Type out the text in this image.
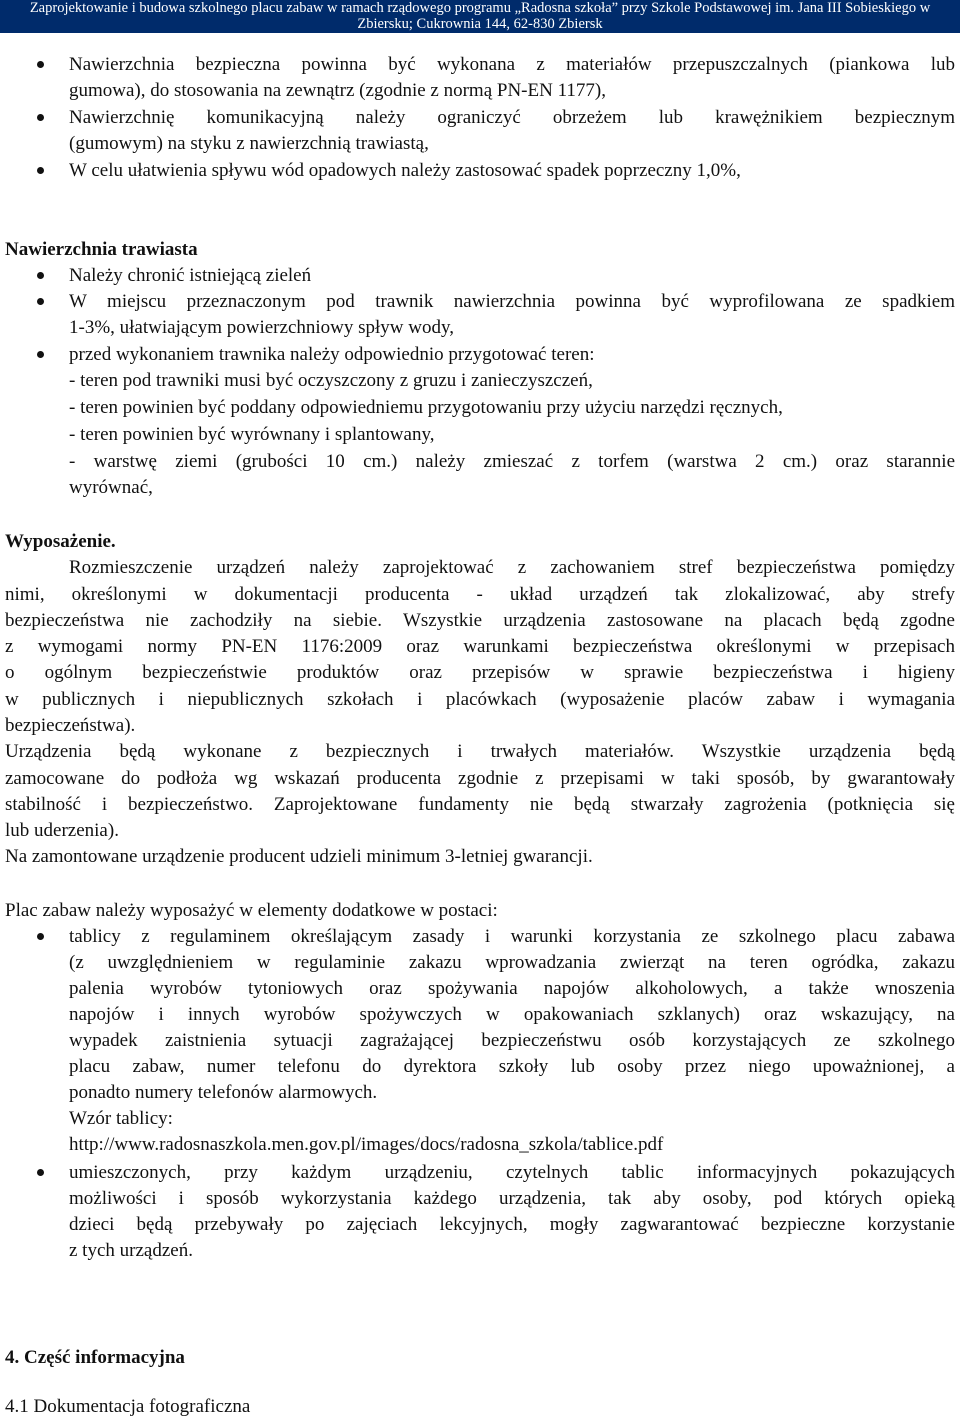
Zaprojektowanie i budowa szkolnego placu zabaw w ramach rządowego programu „Radosna szkoła” przy Szkole Podstawowej im. Jana III Sobieskiego w
Zbiersku; Cukrownia 144, 62-830 Zbiersk
Nawierzchnia bezpieczna powinna być wykonana z materiałów przepuszczalnych (piankowa lub
gumowa), do stosowania na zewnątrz (zgodnie z normą PN-EN 1177),
Nawierzchnię komunikacyjną należy ograniczyć obrzeżem lub krawężnikiem bezpiecznym
(gumowym) na styku z nawierzchnią trawiastą,
W celu ułatwienia spływu wód opadowych należy zastosować spadek poprzeczny 1,0%,
Nawierzchnia trawiasta
Należy chronić istniejącą zieleń
W miejscu przeznaczonym pod trawnik nawierzchnia powinna być wyprofilowana ze spadkiem
1-3%, ułatwiającym powierzchniowy spływ wody,
przed wykonaniem trawnika należy odpowiednio przygotować teren:
- teren pod trawniki musi być oczyszczony z gruzu i zanieczyszczeń,
- teren powinien być poddany odpowiedniemu przygotowaniu przy użyciu narzędzi ręcznych,
- teren powinien być wyrównany i splantowany,
- warstwę ziemi (grubości 10 cm.) należy zmieszać z torfem (warstwa 2 cm.) oraz starannie
wyrównać,
Wyposażenie.
Rozmieszczenie urządzeń należy zaprojektować z zachowaniem stref bezpieczeństwa pomiędzy
nimi, określonymi w dokumentacji producenta - układ urządzeń tak zlokalizować, aby strefy
bezpieczeństwa nie zachodziły na siebie. Wszystkie urządzenia zastosowane na placach będą zgodne
z wymogami normy PN-EN 1176:2009 oraz warunkami bezpieczeństwa określonymi w przepisach
o ogólnym bezpieczeństwie produktów oraz przepisów w sprawie bezpieczeństwa i higieny
w publicznych i niepublicznych szkołach i placówkach (wyposażenie placów zabaw i wymagania
bezpieczeństwa).
Urządzenia będą wykonane z bezpiecznych i trwałych materiałów. Wszystkie urządzenia będą
zamocowane do podłoża wg wskazań producenta zgodnie z przepisami w taki sposób, by gwarantowały
stabilność i bezpieczeństwo. Zaprojektowane fundamenty nie będą stwarzały zagrożenia (potknięcia się
lub uderzenia).
Na zamontowane urządzenie producent udzieli minimum 3-letniej gwarancji.
Plac zabaw należy wyposażyć w elementy dodatkowe w postaci:
tablicy z regulaminem określającym zasady i warunki korzystania ze szkolnego placu zabawa
(z uwzględnieniem w regulaminie zakazu wprowadzania zwierząt na teren ogródka, zakazu
palenia wyrobów tytoniowych oraz spożywania napojów alkoholowych, a także wnoszenia
napojów i innych wyrobów spożywczych w opakowaniach szklanych) oraz wskazujący, na
wypadek zaistnienia sytuacji zagrażającej bezpieczeństwu osób korzystających ze szkolnego
placu zabaw, numer telefonu do dyrektora szkoły lub osoby przez niego upoważnionej, a
ponadto numery telefonów alarmowych.
Wzór tablicy:
http://www.radosnaszkola.men.gov.pl/images/docs/radosna_szkola/tablice.pdf
umieszczonych, przy każdym urządzeniu, czytelnych tablic informacyjnych pokazujących
możliwości i sposób wykorzystania każdego urządzenia, tak aby osoby, pod których opieką
dzieci będą przebywały po zajęciach lekcyjnych, mogły zagwarantować bezpieczne korzystanie
z tych urządzeń.
4. Część informacyjna
4.1 Dokumentacja fotograficzna
